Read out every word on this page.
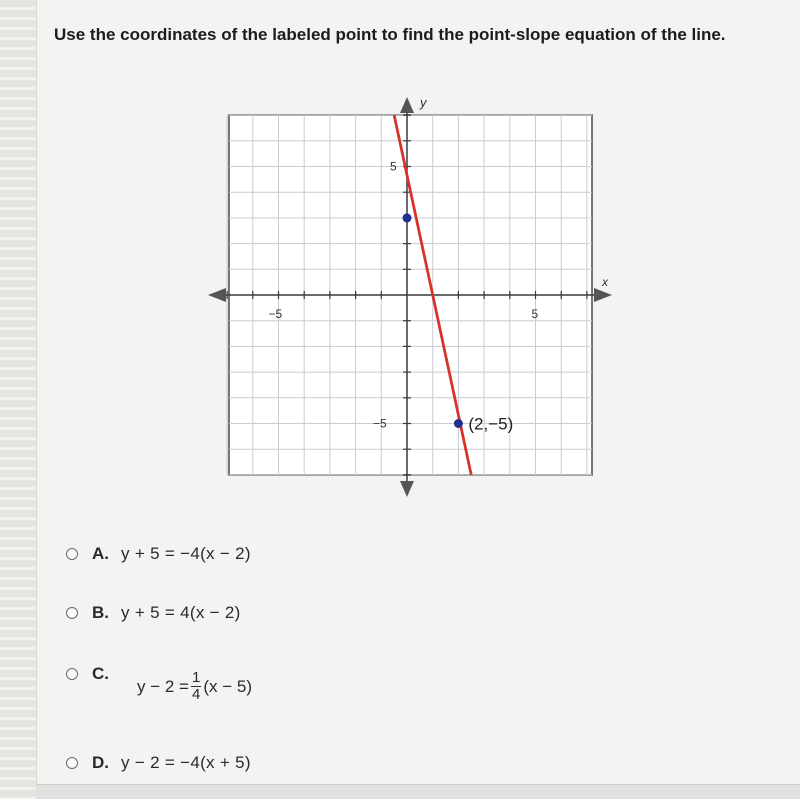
Use the coordinates of the labeled point to find the point-slope equation of the line.
x
y
−5	5
5
−5	(2,−5)
A. y + 5 = −4(x − 2)
B. y + 5 = 4(x − 2)
C.
$y - 2 = \frac{1}{4} (x - 5)$
D. y − 2 = −4(x + 5)
